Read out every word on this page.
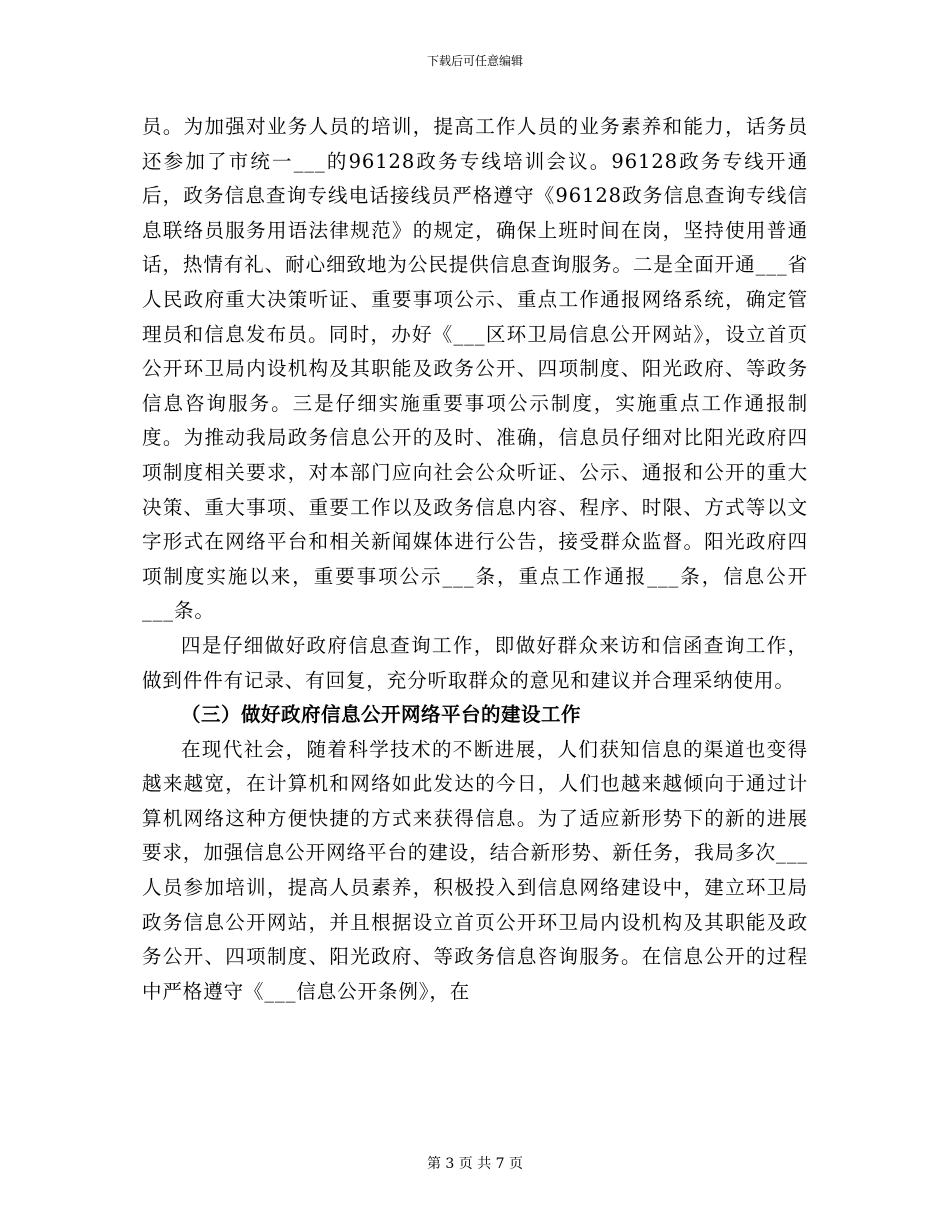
下载后可任意编辑

员。为加强对业务人员的培训，提高工作人员的业务素养和能力，话务员还参加了市统一___的96128政务专线培训会议。96128政务专线开通后，政务信息查询专线电话接线员严格遵守《96128政务信息查询专线信息联络员服务用语法律规范》的规定，确保上班时间在岗，坚持使用普通话，热情有礼、耐心细致地为公民提供信息查询服务。二是全面开通___省人民政府重大决策听证、重要事项公示、重点工作通报网络系统，确定管理员和信息发布员。同时，办好《___区环卫局信息公开网站》，设立首页公开环卫局内设机构及其职能及政务公开、四项制度、阳光政府、等政务信息咨询服务。三是仔细实施重要事项公示制度，实施重点工作通报制度。为推动我局政务信息公开的及时、准确，信息员仔细对比阳光政府四项制度相关要求，对本部门应向社会公众听证、公示、通报和公开的重大决策、重大事项、重要工作以及政务信息内容、程序、时限、方式等以文字形式在网络平台和相关新闻媒体进行公告，接受群众监督。阳光政府四项制度实施以来，重要事项公示___条，重点工作通报___条，信息公开___条。

四是仔细做好政府信息查询工作，即做好群众来访和信函查询工作，做到件件有记录、有回复，充分听取群众的意见和建议并合理采纳使用。

（三）做好政府信息公开网络平台的建设工作

在现代社会，随着科学技术的不断进展，人们获知信息的渠道也变得越来越宽，在计算机和网络如此发达的今日，人们也越来越倾向于通过计算机网络这种方便快捷的方式来获得信息。为了适应新形势下的新的进展要求，加强信息公开网络平台的建设，结合新形势、新任务，我局多次___人员参加培训，提高人员素养，积极投入到信息网络建设中，建立环卫局政务信息公开网站，并且根据设立首页公开环卫局内设机构及其职能及政务公开、四项制度、阳光政府、等政务信息咨询服务。在信息公开的过程中严格遵守《___信息公开条例》，在

第 3 页 共 7 页
